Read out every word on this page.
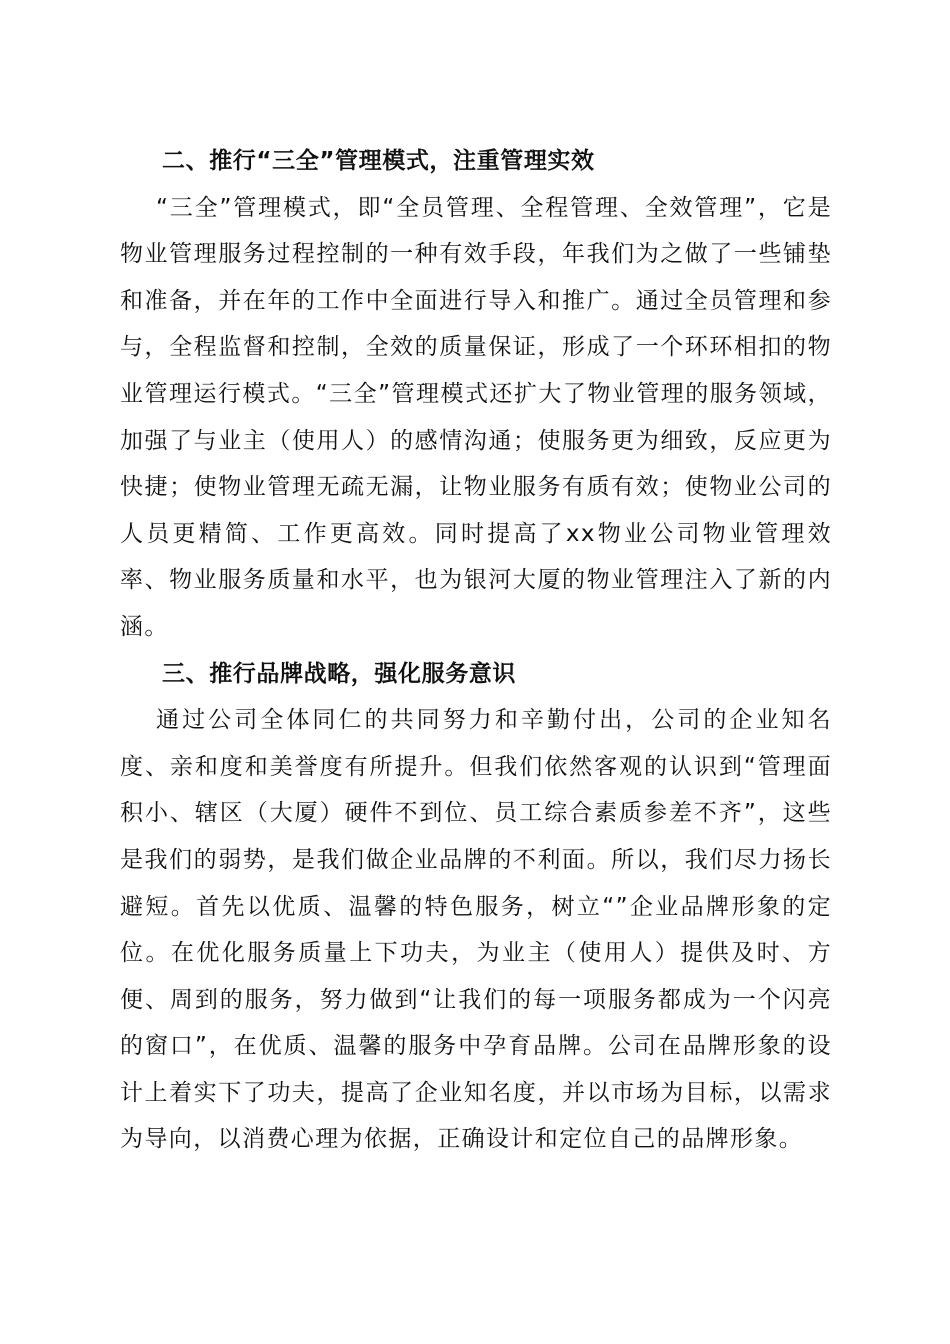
二、推行“三全”管理模式，注重管理实效

“三全”管理模式，即“全员管理、全程管理、全效管理”，它是物业管理服务过程控制的一种有效手段，年我们为之做了一些铺垫和准备，并在年的工作中全面进行导入和推广。通过全员管理和参与，全程监督和控制，全效的质量保证，形成了一个环环相扣的物业管理运行模式。“三全”管理模式还扩大了物业管理的服务领域，加强了与业主（使用人）的感情沟通；使服务更为细致，反应更为快捷；使物业管理无疏无漏，让物业服务有质有效；使物业公司的人员更精简、工作更高效。同时提高了xx物业公司物业管理效率、物业服务质量和水平，也为银河大厦的物业管理注入了新的内涵。

三、推行品牌战略，强化服务意识

通过公司全体同仁的共同努力和辛勤付出，公司的企业知名度、亲和度和美誉度有所提升。但我们依然客观的认识到“管理面积小、辖区（大厦）硬件不到位、员工综合素质参差不齐”，这些是我们的弱势，是我们做企业品牌的不利面。所以，我们尽力扬长避短。首先以优质、温馨的特色服务，树立“”企业品牌形象的定位。在优化服务质量上下功夫，为业主（使用人）提供及时、方便、周到的服务，努力做到“让我们的每一项服务都成为一个闪亮的窗口”，在优质、温馨的服务中孕育品牌。公司在品牌形象的设计上着实下了功夫，提高了企业知名度，并以市场为目标，以需求为导向，以消费心理为依据，正确设计和定位自己的品牌形象。
